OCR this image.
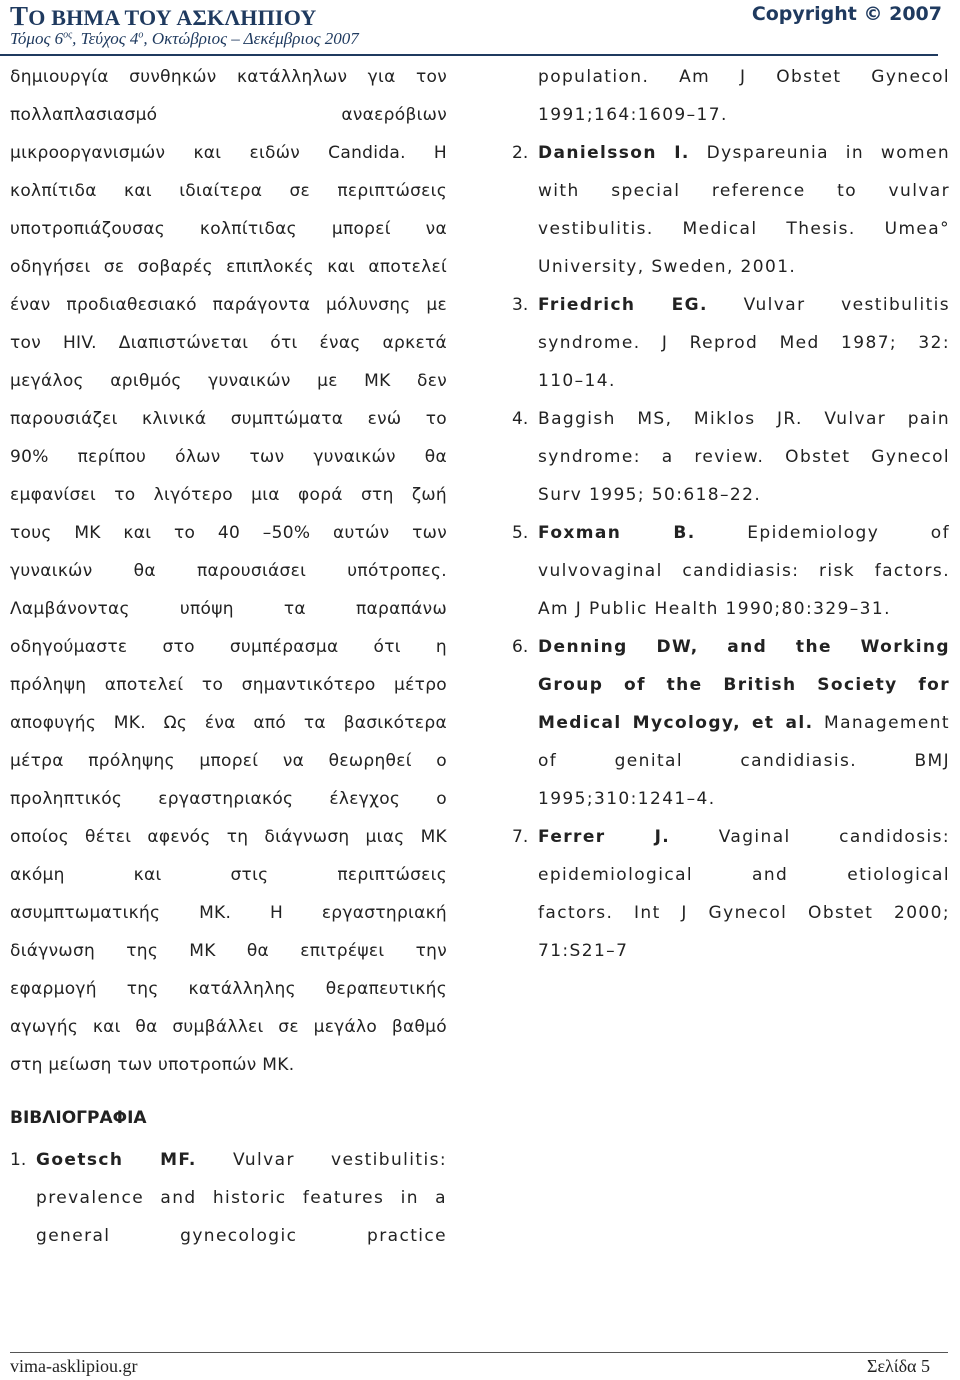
ΤΟ ΒΗΜΑ ΤΟΥ ΑΣΚΛΗΠΙΟΥ	Copyright © 2007
Τόμος $6^{o\varsigma}$, Τεύχος $4^o$, Οκτώβριος – Δεκέμβριος 2007
δημιουργία συνθηκών κατάλληλων για τον
πολλαπλασιασμό αναερόβιων
μικροοργανισμών και ειδών Candida. Η
κολπίτιδα και ιδιαίτερα σε περιπτώσεις
υποτροπιάζουσας κολπίτιδας μπορεί να
οδηγήσει σε σοβαρές επιπλοκές και αποτελεί
έναν προδιαθεσιακό παράγοντα μόλυνσης με
τον HIV. Διαπιστώνεται ότι ένας αρκετά
μεγάλος αριθμός γυναικών με ΜΚ δεν
παρουσιάζει κλινικά συμπτώματα ενώ το
90% περίπου όλων των γυναικών θα
εμφανίσει το λιγότερο μια φορά στη ζωή
τους ΜΚ και το 40 –50% αυτών των
γυναικών θα παρουσιάσει υπότροπες.
Λαμβάνοντας υπόψη τα παραπάνω
οδηγούμαστε στο συμπέρασμα ότι η
πρόληψη αποτελεί το σημαντικότερο μέτρο
αποφυγής ΜΚ. Ως ένα από τα βασικότερα
μέτρα πρόληψης μπορεί να θεωρηθεί ο
προληπτικός εργαστηριακός έλεγχος ο
οποίος θέτει αφενός τη διάγνωση μιας ΜΚ
ακόμη και στις περιπτώσεις
ασυμπτωματικής ΜΚ. Η εργαστηριακή
διάγνωση της ΜΚ θα επιτρέψει την
εφαρμογή της κατάλληλης θεραπευτικής
αγωγής και θα συμβάλλει σε μεγάλο βαθμό
στη μείωση των υποτροπών ΜΚ.
ΒΙΒΛΙΟΓΡΑΦΙΑ
1. Goetsch MF. Vulvar vestibulitis:
prevalence and historic features in a
general gynecologic practice
population. Am J Obstet Gynecol
1991;164:1609–17.
2. Danielsson I. Dyspareunia in women
with special reference to vulvar
vestibulitis. Medical Thesis. Umea°
University, Sweden, 2001.
3. Friedrich EG. Vulvar vestibulitis
syndrome. J Reprod Med 1987; 32:
110–14.
4. Baggish MS, Miklos JR. Vulvar pain
syndrome: a review. Obstet Gynecol
Surv 1995; 50:618–22.
5. Foxman B.	Epidemiology of
vulvovaginal candidiasis: risk factors.
Am J Public Health 1990;80:329–31.
6. Denning DW, and the Working
Group of the British Society for
Medical Mycology, et al. Management
of genital candidiasis. BMJ
1995;310:1241–4.
7. Ferrer J.	Vaginal candidosis:
epidemiological and etiological
factors. Int J Gynecol Obstet 2000;
71:S21–7
vima-asklipiou.gr	Σελίδα 5
